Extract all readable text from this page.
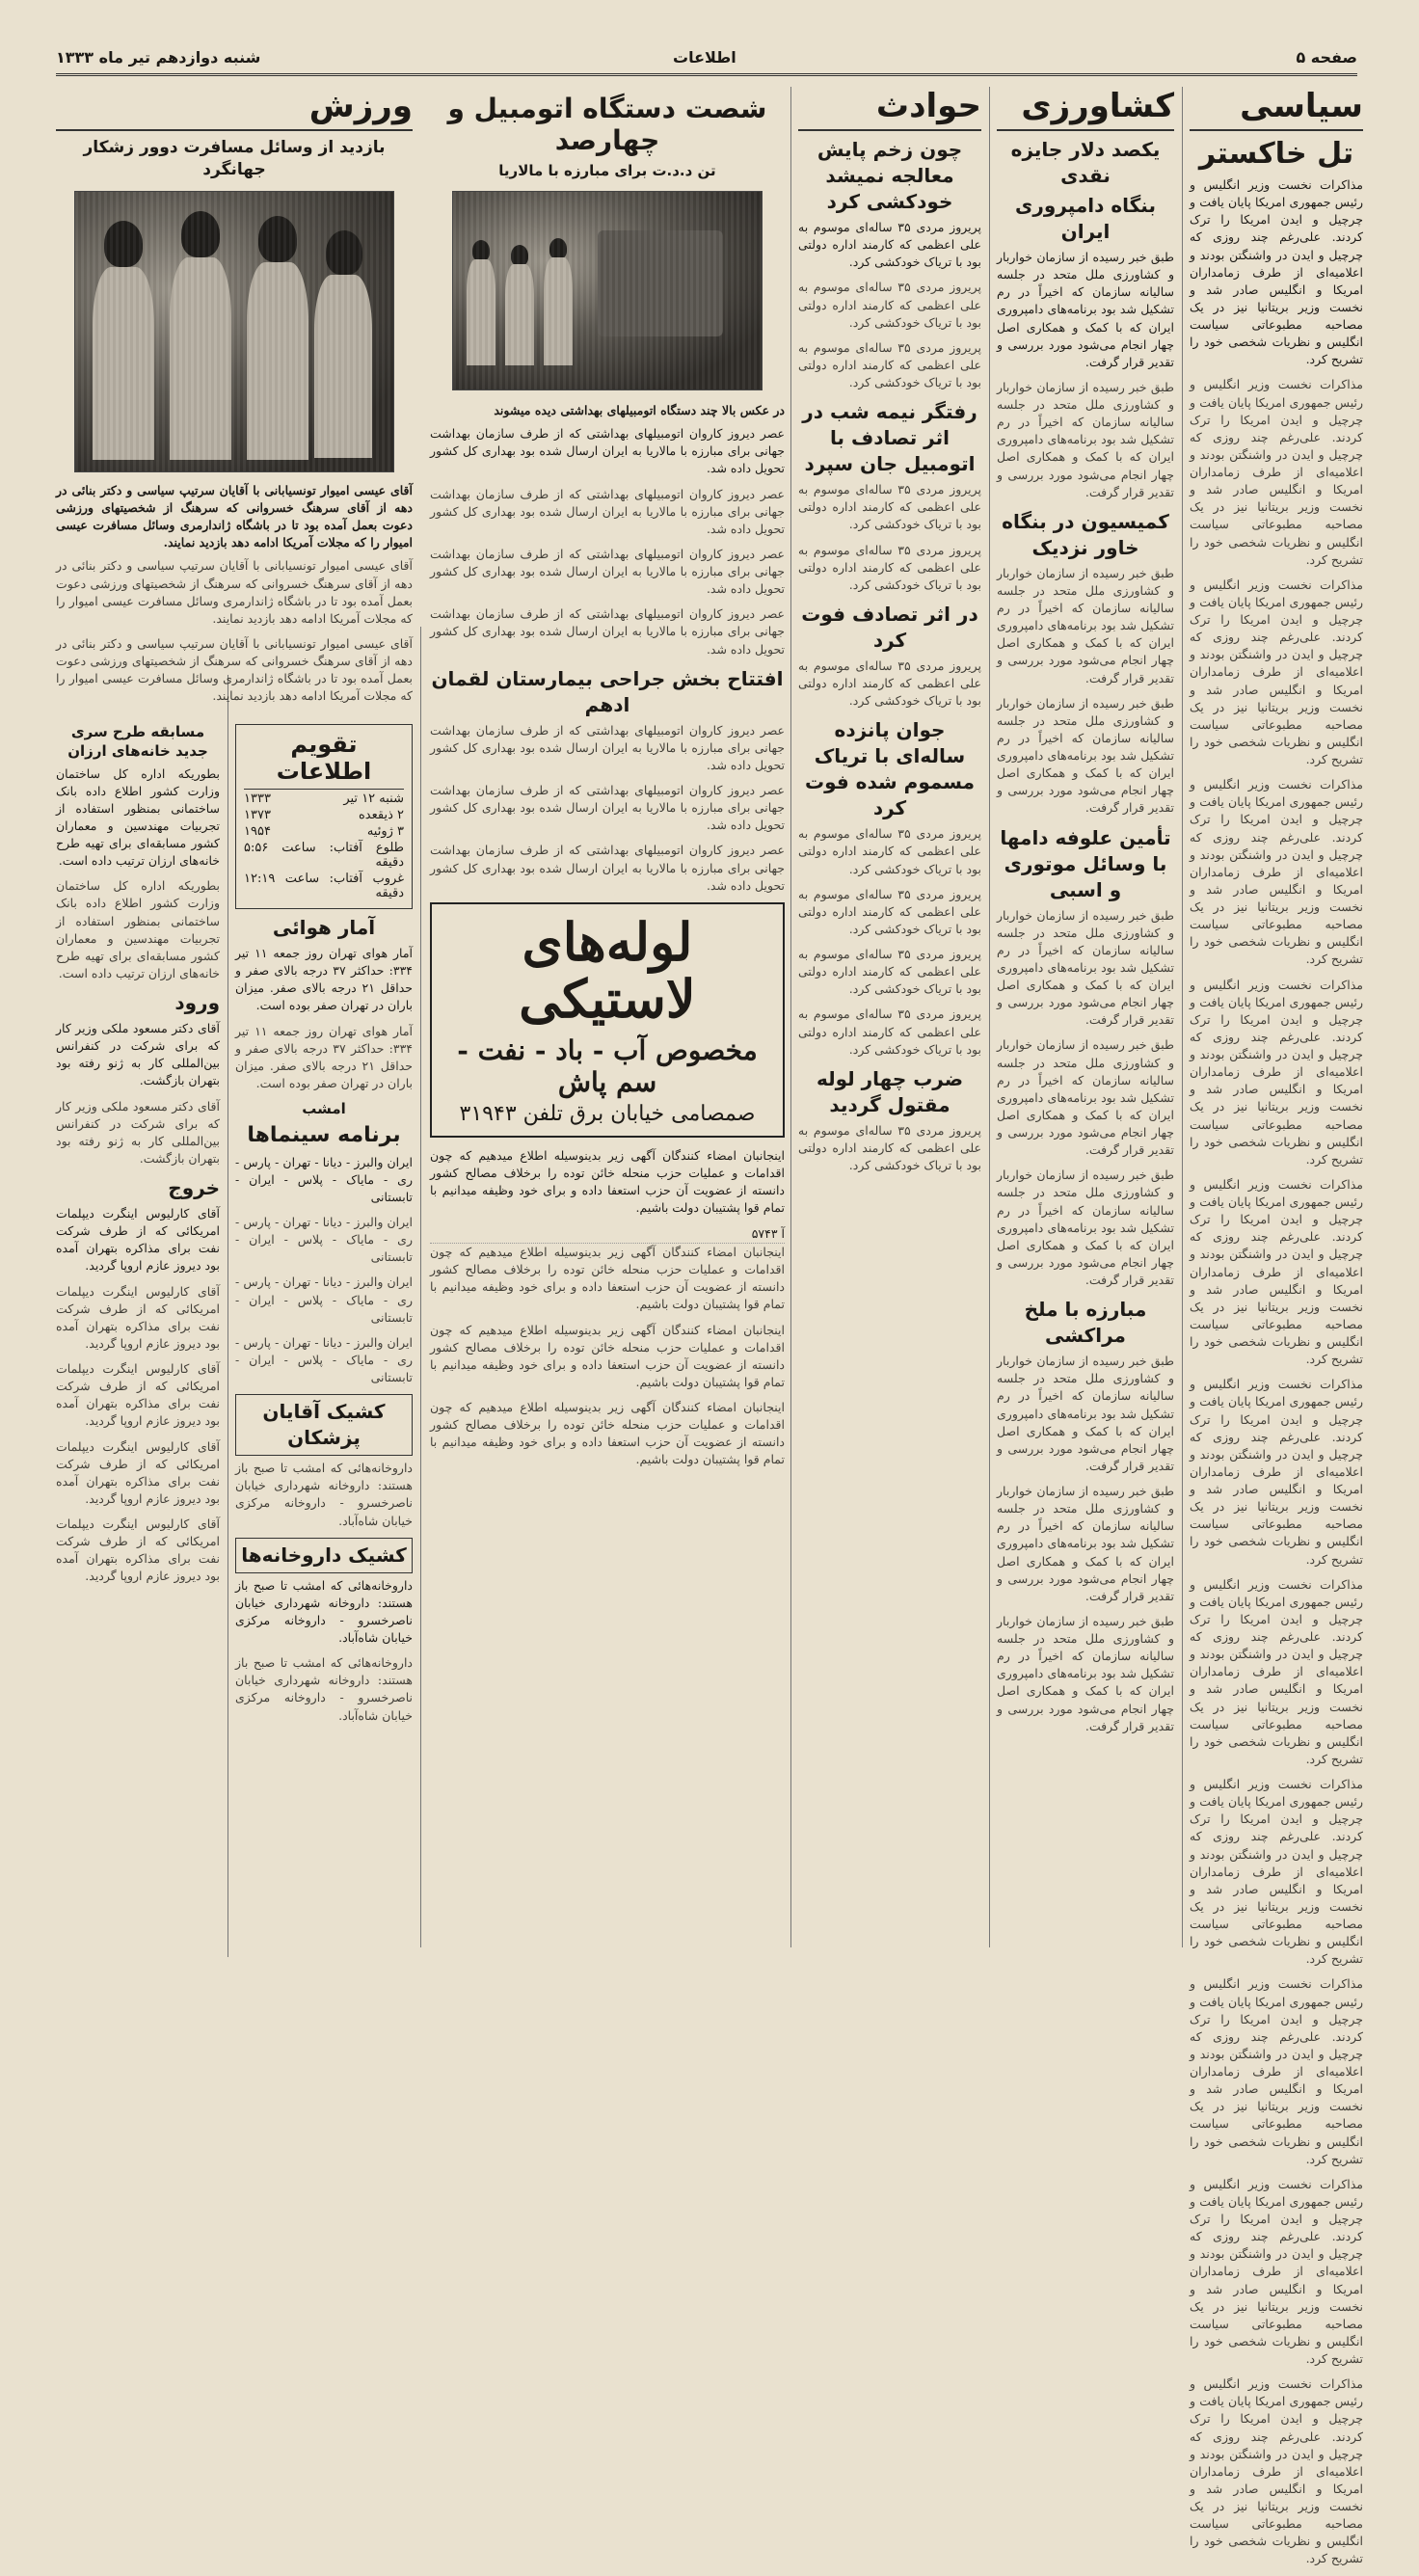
شنبه دوازدهم تیر ماه ۱۳۳۳	اطلاعات	صفحه ۵
سیاسی
تل خاکستر

مذاکرات نخست وزیر انگلیس و رئیس جمهوری امریکا پایان یافت و چرچیل و ایدن امریکا را ترک کردند. علی‌رغم چند روزی که چرچیل و ایدن در واشنگتن بودند و اعلامیه‌ای از طرف زمامداران امریکا و انگلیس صادر شد و نخست وزیر بریتانیا نیز در یک مصاحبه مطبوعاتی سیاست انگلیس و نظریات شخصی خود را تشریح کرد.

مذاکرات نخست وزیر انگلیس و رئیس جمهوری امریکا پایان یافت و چرچیل و ایدن امریکا را ترک کردند. علی‌رغم چند روزی که چرچیل و ایدن در واشنگتن بودند و اعلامیه‌ای از طرف زمامداران امریکا و انگلیس صادر شد و نخست وزیر بریتانیا نیز در یک مصاحبه مطبوعاتی سیاست انگلیس و نظریات شخصی خود را تشریح کرد.

مذاکرات نخست وزیر انگلیس و رئیس جمهوری امریکا پایان یافت و چرچیل و ایدن امریکا را ترک کردند. علی‌رغم چند روزی که چرچیل و ایدن در واشنگتن بودند و اعلامیه‌ای از طرف زمامداران امریکا و انگلیس صادر شد و نخست وزیر بریتانیا نیز در یک مصاحبه مطبوعاتی سیاست انگلیس و نظریات شخصی خود را تشریح کرد.

مذاکرات نخست وزیر انگلیس و رئیس جمهوری امریکا پایان یافت و چرچیل و ایدن امریکا را ترک کردند. علی‌رغم چند روزی که چرچیل و ایدن در واشنگتن بودند و اعلامیه‌ای از طرف زمامداران امریکا و انگلیس صادر شد و نخست وزیر بریتانیا نیز در یک مصاحبه مطبوعاتی سیاست انگلیس و نظریات شخصی خود را تشریح کرد.

مذاکرات نخست وزیر انگلیس و رئیس جمهوری امریکا پایان یافت و چرچیل و ایدن امریکا را ترک کردند. علی‌رغم چند روزی که چرچیل و ایدن در واشنگتن بودند و اعلامیه‌ای از طرف زمامداران امریکا و انگلیس صادر شد و نخست وزیر بریتانیا نیز در یک مصاحبه مطبوعاتی سیاست انگلیس و نظریات شخصی خود را تشریح کرد.

مذاکرات نخست وزیر انگلیس و رئیس جمهوری امریکا پایان یافت و چرچیل و ایدن امریکا را ترک کردند. علی‌رغم چند روزی که چرچیل و ایدن در واشنگتن بودند و اعلامیه‌ای از طرف زمامداران امریکا و انگلیس صادر شد و نخست وزیر بریتانیا نیز در یک مصاحبه مطبوعاتی سیاست انگلیس و نظریات شخصی خود را تشریح کرد.

مذاکرات نخست وزیر انگلیس و رئیس جمهوری امریکا پایان یافت و چرچیل و ایدن امریکا را ترک کردند. علی‌رغم چند روزی که چرچیل و ایدن در واشنگتن بودند و اعلامیه‌ای از طرف زمامداران امریکا و انگلیس صادر شد و نخست وزیر بریتانیا نیز در یک مصاحبه مطبوعاتی سیاست انگلیس و نظریات شخصی خود را تشریح کرد.

مذاکرات نخست وزیر انگلیس و رئیس جمهوری امریکا پایان یافت و چرچیل و ایدن امریکا را ترک کردند. علی‌رغم چند روزی که چرچیل و ایدن در واشنگتن بودند و اعلامیه‌ای از طرف زمامداران امریکا و انگلیس صادر شد و نخست وزیر بریتانیا نیز در یک مصاحبه مطبوعاتی سیاست انگلیس و نظریات شخصی خود را تشریح کرد.

مذاکرات نخست وزیر انگلیس و رئیس جمهوری امریکا پایان یافت و چرچیل و ایدن امریکا را ترک کردند. علی‌رغم چند روزی که چرچیل و ایدن در واشنگتن بودند و اعلامیه‌ای از طرف زمامداران امریکا و انگلیس صادر شد و نخست وزیر بریتانیا نیز در یک مصاحبه مطبوعاتی سیاست انگلیس و نظریات شخصی خود را تشریح کرد.

مذاکرات نخست وزیر انگلیس و رئیس جمهوری امریکا پایان یافت و چرچیل و ایدن امریکا را ترک کردند. علی‌رغم چند روزی که چرچیل و ایدن در واشنگتن بودند و اعلامیه‌ای از طرف زمامداران امریکا و انگلیس صادر شد و نخست وزیر بریتانیا نیز در یک مصاحبه مطبوعاتی سیاست انگلیس و نظریات شخصی خود را تشریح کرد.

مذاکرات نخست وزیر انگلیس و رئیس جمهوری امریکا پایان یافت و چرچیل و ایدن امریکا را ترک کردند. علی‌رغم چند روزی که چرچیل و ایدن در واشنگتن بودند و اعلامیه‌ای از طرف زمامداران امریکا و انگلیس صادر شد و نخست وزیر بریتانیا نیز در یک مصاحبه مطبوعاتی سیاست انگلیس و نظریات شخصی خود را تشریح کرد.

مذاکرات نخست وزیر انگلیس و رئیس جمهوری امریکا پایان یافت و چرچیل و ایدن امریکا را ترک کردند. علی‌رغم چند روزی که چرچیل و ایدن در واشنگتن بودند و اعلامیه‌ای از طرف زمامداران امریکا و انگلیس صادر شد و نخست وزیر بریتانیا نیز در یک مصاحبه مطبوعاتی سیاست انگلیس و نظریات شخصی خود را تشریح کرد.

کشاورزی
یکصد دلار جایزه نقدی
بنگاه دامپروری ایران

طبق خبر رسیده از سازمان خواربار و کشاورزی ملل متحد در جلسه سالیانه سازمان که اخیراً در رم تشکیل شد بود برنامه‌های دامپروری ایران که با کمک و همکاری اصل چهار انجام می‌شود مورد بررسی و تقدیر قرار گرفت.

طبق خبر رسیده از سازمان خواربار و کشاورزی ملل متحد در جلسه سالیانه سازمان که اخیراً در رم تشکیل شد بود برنامه‌های دامپروری ایران که با کمک و همکاری اصل چهار انجام می‌شود مورد بررسی و تقدیر قرار گرفت.

کمیسیون در بنگاه خاور نزدیک

طبق خبر رسیده از سازمان خواربار و کشاورزی ملل متحد در جلسه سالیانه سازمان که اخیراً در رم تشکیل شد بود برنامه‌های دامپروری ایران که با کمک و همکاری اصل چهار انجام می‌شود مورد بررسی و تقدیر قرار گرفت.

طبق خبر رسیده از سازمان خواربار و کشاورزی ملل متحد در جلسه سالیانه سازمان که اخیراً در رم تشکیل شد بود برنامه‌های دامپروری ایران که با کمک و همکاری اصل چهار انجام می‌شود مورد بررسی و تقدیر قرار گرفت.

تأمین علوفه دامها با وسائل موتوری و اسبی

طبق خبر رسیده از سازمان خواربار و کشاورزی ملل متحد در جلسه سالیانه سازمان که اخیراً در رم تشکیل شد بود برنامه‌های دامپروری ایران که با کمک و همکاری اصل چهار انجام می‌شود مورد بررسی و تقدیر قرار گرفت.

طبق خبر رسیده از سازمان خواربار و کشاورزی ملل متحد در جلسه سالیانه سازمان که اخیراً در رم تشکیل شد بود برنامه‌های دامپروری ایران که با کمک و همکاری اصل چهار انجام می‌شود مورد بررسی و تقدیر قرار گرفت.

طبق خبر رسیده از سازمان خواربار و کشاورزی ملل متحد در جلسه سالیانه سازمان که اخیراً در رم تشکیل شد بود برنامه‌های دامپروری ایران که با کمک و همکاری اصل چهار انجام می‌شود مورد بررسی و تقدیر قرار گرفت.

مبارزه با ملخ مراکشی

طبق خبر رسیده از سازمان خواربار و کشاورزی ملل متحد در جلسه سالیانه سازمان که اخیراً در رم تشکیل شد بود برنامه‌های دامپروری ایران که با کمک و همکاری اصل چهار انجام می‌شود مورد بررسی و تقدیر قرار گرفت.

طبق خبر رسیده از سازمان خواربار و کشاورزی ملل متحد در جلسه سالیانه سازمان که اخیراً در رم تشکیل شد بود برنامه‌های دامپروری ایران که با کمک و همکاری اصل چهار انجام می‌شود مورد بررسی و تقدیر قرار گرفت.

طبق خبر رسیده از سازمان خواربار و کشاورزی ملل متحد در جلسه سالیانه سازمان که اخیراً در رم تشکیل شد بود برنامه‌های دامپروری ایران که با کمک و همکاری اصل چهار انجام می‌شود مورد بررسی و تقدیر قرار گرفت.

حوادث
چون زخم پایش معالجه نمیشد خودکشی کرد

پریروز مردی ۳۵ ساله‌ای موسوم به علی اعظمی که کارمند اداره دولتی بود با تریاک خودکشی کرد.

پریروز مردی ۳۵ ساله‌ای موسوم به علی اعظمی که کارمند اداره دولتی بود با تریاک خودکشی کرد.

پریروز مردی ۳۵ ساله‌ای موسوم به علی اعظمی که کارمند اداره دولتی بود با تریاک خودکشی کرد.

رفتگر نیمه شب در اثر تصادف با اتومبیل جان سپرد

پریروز مردی ۳۵ ساله‌ای موسوم به علی اعظمی که کارمند اداره دولتی بود با تریاک خودکشی کرد.

پریروز مردی ۳۵ ساله‌ای موسوم به علی اعظمی که کارمند اداره دولتی بود با تریاک خودکشی کرد.

در اثر تصادف فوت کرد

پریروز مردی ۳۵ ساله‌ای موسوم به علی اعظمی که کارمند اداره دولتی بود با تریاک خودکشی کرد.

جوان پانزده ساله‌ای با تریاک مسموم شده فوت کرد

پریروز مردی ۳۵ ساله‌ای موسوم به علی اعظمی که کارمند اداره دولتی بود با تریاک خودکشی کرد.

پریروز مردی ۳۵ ساله‌ای موسوم به علی اعظمی که کارمند اداره دولتی بود با تریاک خودکشی کرد.

پریروز مردی ۳۵ ساله‌ای موسوم به علی اعظمی که کارمند اداره دولتی بود با تریاک خودکشی کرد.

پریروز مردی ۳۵ ساله‌ای موسوم به علی اعظمی که کارمند اداره دولتی بود با تریاک خودکشی کرد.

ضرب چهار لوله مقتول گردید

پریروز مردی ۳۵ ساله‌ای موسوم به علی اعظمی که کارمند اداره دولتی بود با تریاک خودکشی کرد.

شصت دستگاه اتومبیل و چهارصد
تن د.د.ت برای مبارزه با مالاریا

در عکس بالا چند دستگاه اتومبیلهای بهداشتی دیده میشوند

عصر دیروز کاروان اتومبیلهای بهداشتی که از طرف سازمان بهداشت جهانی برای مبارزه با مالاریا به ایران ارسال شده بود بهداری کل کشور تحویل داده شد.

عصر دیروز کاروان اتومبیلهای بهداشتی که از طرف سازمان بهداشت جهانی برای مبارزه با مالاریا به ایران ارسال شده بود بهداری کل کشور تحویل داده شد.

عصر دیروز کاروان اتومبیلهای بهداشتی که از طرف سازمان بهداشت جهانی برای مبارزه با مالاریا به ایران ارسال شده بود بهداری کل کشور تحویل داده شد.

عصر دیروز کاروان اتومبیلهای بهداشتی که از طرف سازمان بهداشت جهانی برای مبارزه با مالاریا به ایران ارسال شده بود بهداری کل کشور تحویل داده شد.

افتتاح بخش جراحی بیمارستان لقمان ادهم

عصر دیروز کاروان اتومبیلهای بهداشتی که از طرف سازمان بهداشت جهانی برای مبارزه با مالاریا به ایران ارسال شده بود بهداری کل کشور تحویل داده شد.

عصر دیروز کاروان اتومبیلهای بهداشتی که از طرف سازمان بهداشت جهانی برای مبارزه با مالاریا به ایران ارسال شده بود بهداری کل کشور تحویل داده شد.

عصر دیروز کاروان اتومبیلهای بهداشتی که از طرف سازمان بهداشت جهانی برای مبارزه با مالاریا به ایران ارسال شده بود بهداری کل کشور تحویل داده شد.

لوله‌های لاستیکی
مخصوص آب - باد - نفت - سم پاش
صمصامی خیابان برق تلفن ۳۱۹۴۳

اینجانبان امضاء کنندگان آگهی زیر بدینوسیله اطلاع میدهیم که چون اقدامات و عملیات حزب منحله خائن توده را برخلاف مصالح کشور دانسته از عضویت آن حزب استعفا داده و برای خود وظیفه میدانیم با تمام قوا پشتیبان دولت باشیم.

آ ۵۷۴۳

اینجانبان امضاء کنندگان آگهی زیر بدینوسیله اطلاع میدهیم که چون اقدامات و عملیات حزب منحله خائن توده را برخلاف مصالح کشور دانسته از عضویت آن حزب استعفا داده و برای خود وظیفه میدانیم با تمام قوا پشتیبان دولت باشیم.

اینجانبان امضاء کنندگان آگهی زیر بدینوسیله اطلاع میدهیم که چون اقدامات و عملیات حزب منحله خائن توده را برخلاف مصالح کشور دانسته از عضویت آن حزب استعفا داده و برای خود وظیفه میدانیم با تمام قوا پشتیبان دولت باشیم.

اینجانبان امضاء کنندگان آگهی زیر بدینوسیله اطلاع میدهیم که چون اقدامات و عملیات حزب منحله خائن توده را برخلاف مصالح کشور دانسته از عضویت آن حزب استعفا داده و برای خود وظیفه میدانیم با تمام قوا پشتیبان دولت باشیم.

ورزش
بازدید از وسائل مسافرت دوور زشکار جهانگرد

آقای عیسی امیوار تونسیابانی با آقایان سرتیپ سیاسی و دکتر بنائی در دهه از آقای سرهنگ خسروانی که سرهنگ از شخصیتهای ورزشی دعوت بعمل آمده بود تا در باشگاه ژاندارمری وسائل مسافرت عیسی امیوار را که مجلات آمریکا ادامه دهد بازدید نمایند.

آقای عیسی امیوار تونسیابانی با آقایان سرتیپ سیاسی و دکتر بنائی در دهه از آقای سرهنگ خسروانی که سرهنگ از شخصیتهای ورزشی دعوت بعمل آمده بود تا در باشگاه ژاندارمری وسائل مسافرت عیسی امیوار را که مجلات آمریکا ادامه دهد بازدید نمایند.

آقای عیسی امیوار تونسیابانی با آقایان سرتیپ سیاسی و دکتر بنائی در دهه از آقای سرهنگ خسروانی که سرهنگ از شخصیتهای ورزشی دعوت بعمل آمده بود تا در باشگاه ژاندارمری وسائل مسافرت عیسی امیوار را که مجلات آمریکا ادامه دهد بازدید نمایند.

مسابقه طرح سری جدید خانه‌های ارزان

بطوریکه اداره کل ساختمان وزارت کشور اطلاع داده بانک ساختمانی بمنظور استفاده از تجربیات مهندسین و معماران کشور مسابقه‌ای برای تهیه طرح خانه‌های ارزان ترتیب داده است.

بطوریکه اداره کل ساختمان وزارت کشور اطلاع داده بانک ساختمانی بمنظور استفاده از تجربیات مهندسین و معماران کشور مسابقه‌ای برای تهیه طرح خانه‌های ارزان ترتیب داده است.

ورود

آقای دکتر مسعود ملکی وزیر کار که برای شرکت در کنفرانس بین‌المللی کار به ژنو رفته بود بتهران بازگشت.

آقای دکتر مسعود ملکی وزیر کار که برای شرکت در کنفرانس بین‌المللی کار به ژنو رفته بود بتهران بازگشت.

خروج

آقای کارلیوس اینگرت دیپلمات امریکائی که از طرف شرکت نفت برای مذاکره بتهران آمده بود دیروز عازم اروپا گردید.

آقای کارلیوس اینگرت دیپلمات امریکائی که از طرف شرکت نفت برای مذاکره بتهران آمده بود دیروز عازم اروپا گردید.

آقای کارلیوس اینگرت دیپلمات امریکائی که از طرف شرکت نفت برای مذاکره بتهران آمده بود دیروز عازم اروپا گردید.

آقای کارلیوس اینگرت دیپلمات امریکائی که از طرف شرکت نفت برای مذاکره بتهران آمده بود دیروز عازم اروپا گردید.

آقای کارلیوس اینگرت دیپلمات امریکائی که از طرف شرکت نفت برای مذاکره بتهران آمده بود دیروز عازم اروپا گردید.

تقویم اطلاعات
شنبه ۱۲ تیر
۱۳۳۳
۲ ذیقعده
۱۳۷۳
۳ ژوئیه
۱۹۵۴
طلوع آفتاب: ساعت ۵:۵۶ دقیقه
غروب آفتاب: ساعت ۱۲:۱۹ دقیقه
آمار هوائی

آمار هوای تهران روز جمعه ۱۱ تیر ۳۳۴: حداکثر ۳۷ درجه بالای صفر و حداقل ۲۱ درجه بالای صفر. میزان باران در تهران صفر بوده است.

آمار هوای تهران روز جمعه ۱۱ تیر ۳۳۴: حداکثر ۳۷ درجه بالای صفر و حداقل ۲۱ درجه بالای صفر. میزان باران در تهران صفر بوده است.

امشب
برنامه سینماها

ایران والبرز - دیانا - تهران - پارس - ری - مایاک - پلاس - ایران - تابستانی

ایران والبرز - دیانا - تهران - پارس - ری - مایاک - پلاس - ایران - تابستانی

ایران والبرز - دیانا - تهران - پارس - ری - مایاک - پلاس - ایران - تابستانی

ایران والبرز - دیانا - تهران - پارس - ری - مایاک - پلاس - ایران - تابستانی

کشیک آقایان پزشکان

داروخانه‌هائی که امشب تا صبح باز هستند: داروخانه شهرداری خیابان ناصرخسرو - داروخانه مرکزی خیابان شاه‌آباد.

کشیک داروخانه‌ها

داروخانه‌هائی که امشب تا صبح باز هستند: داروخانه شهرداری خیابان ناصرخسرو - داروخانه مرکزی خیابان شاه‌آباد.

داروخانه‌هائی که امشب تا صبح باز هستند: داروخانه شهرداری خیابان ناصرخسرو - داروخانه مرکزی خیابان شاه‌آباد.
